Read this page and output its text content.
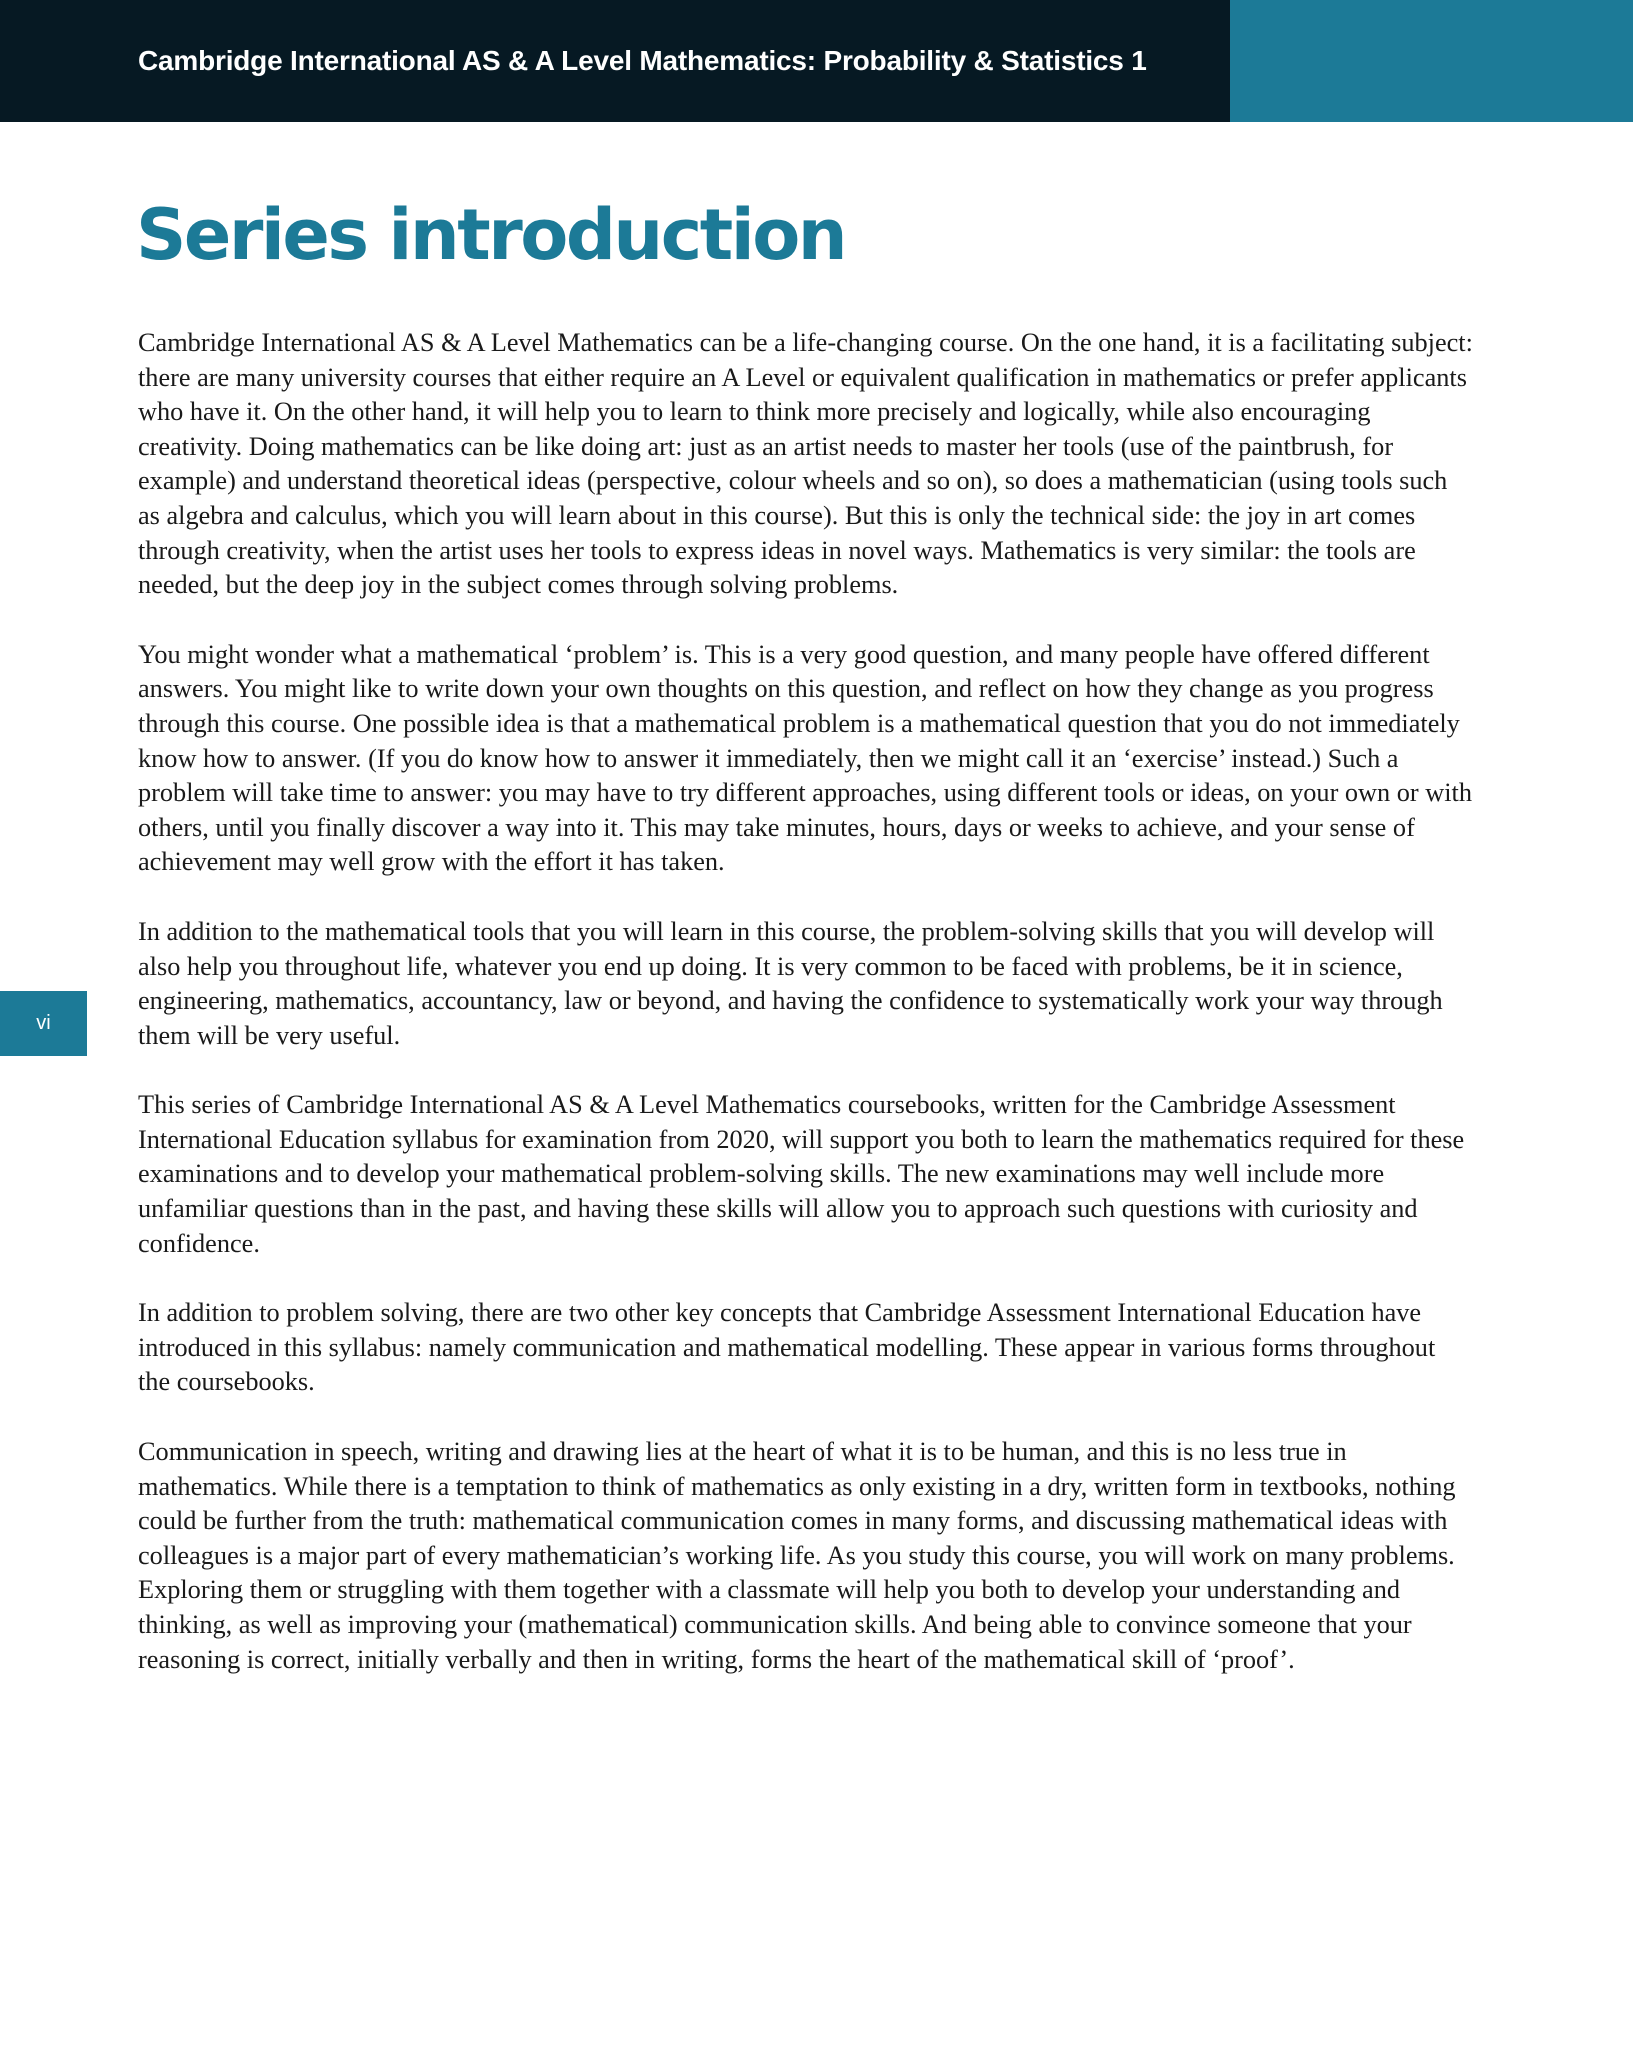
Cambridge International AS & A Level Mathematics: Probability & Statistics 1
Series introduction

Cambridge International AS & A Level Mathematics can be a life-changing course. On the one hand, it is a facilitating subject: there are many university courses that either require an A Level or equivalent qualification in mathematics or prefer applicants who have it. On the other hand, it will help you to learn to think more precisely and logically, while also encouraging creativity. Doing mathematics can be like doing art: just as an artist needs to master her tools (use of the paintbrush, for example) and understand theoretical ideas (perspective, colour wheels and so on), so does a mathematician (using tools such as algebra and calculus, which you will learn about in this course). But this is only the technical side: the joy in art comes through creativity, when the artist uses her tools to express ideas in novel ways. Mathematics is very similar: the tools are needed, but the deep joy in the subject comes through solving problems.

You might wonder what a mathematical ‘problem’ is. This is a very good question, and many people have offered different answers. You might like to write down your own thoughts on this question, and reflect on how they change as you progress through this course. One possible idea is that a mathematical problem is a mathematical question that you do not immediately know how to answer. (If you do know how to answer it immediately, then we might call it an ‘exercise’ instead.) Such a problem will take time to answer: you may have to try different approaches, using different tools or ideas, on your own or with others, until you finally discover a way into it. This may take minutes, hours, days or weeks to achieve, and your sense of achievement may well grow with the effort it has taken.

In addition to the mathematical tools that you will learn in this course, the problem-solving skills that you will develop will also help you throughout life, whatever you end up doing. It is very common to be faced with problems, be it in science, engineering, mathematics, accountancy, law or beyond, and having the confidence to systematically work your way through them will be very useful.

This series of Cambridge International AS & A Level Mathematics coursebooks, written for the Cambridge Assessment International Education syllabus for examination from 2020, will support you both to learn the mathematics required for these examinations and to develop your mathematical problem-solving skills. The new examinations may well include more unfamiliar questions than in the past, and having these skills will allow you to approach such questions with curiosity and confidence.

In addition to problem solving, there are two other key concepts that Cambridge Assessment International Education have introduced in this syllabus: namely communication and mathematical modelling. These appear in various forms throughout the coursebooks.

Communication in speech, writing and drawing lies at the heart of what it is to be human, and this is no less true in mathematics. While there is a temptation to think of mathematics as only existing in a dry, written form in textbooks, nothing could be further from the truth: mathematical communication comes in many forms, and discussing mathematical ideas with colleagues is a major part of every mathematician’s working life. As you study this course, you will work on many problems. Exploring them or struggling with them together with a classmate will help you both to develop your understanding and thinking, as well as improving your (mathematical) communication skills. And being able to convince someone that your reasoning is correct, initially verbally and then in writing, forms the heart of the mathematical skill of ‘proof’.

vi
